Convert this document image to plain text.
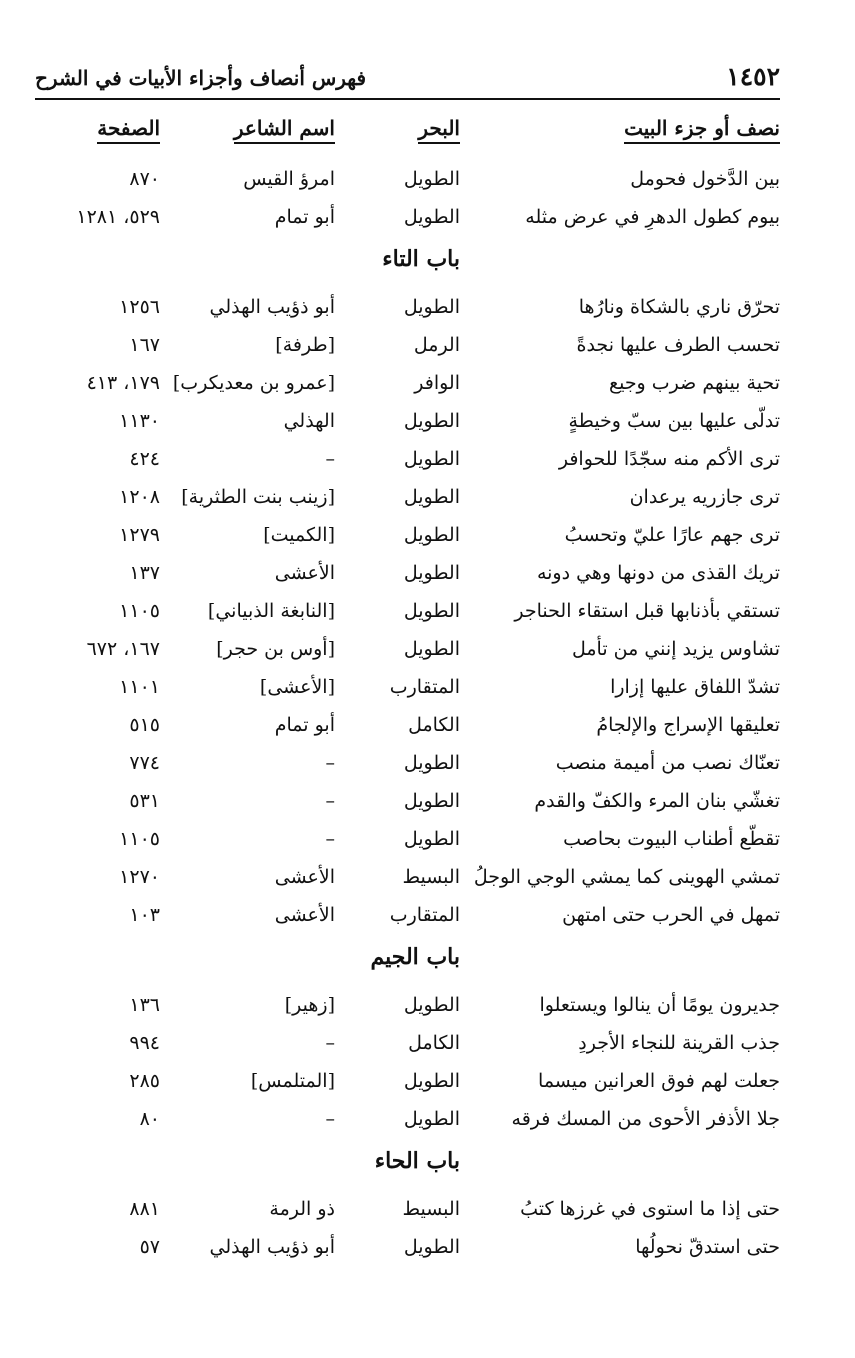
١٤٥٢
فهرس أنصاف وأجزاء الأبيات في الشرح
نصف أو جزء البيت
البحر
اسم الشاعر
الصفحة
بين الدَّخول فحومل
الطويل
امرؤ القيس
٨٧٠
بيوم كطول الدهرِ في عرض مثله
الطويل
أبو تمام
٥٢٩، ١٢٨١
باب التاء
تحرّق ناري بالشكاة ونارُها
الطويل
أبو ذؤيب الهذلي
١٢٥٦
تحسب الطرف عليها نجدةً
الرمل
[طرفة]
١٦٧
تحية بينهم ضرب وجيع
الوافر
[عمرو بن معديكرب]
١٧٩، ٤١٣
تدلّى عليها بين سبّ وخيطةٍ
الطويل
الهذلي
١١٣٠
ترى الأكم منه سجّدًا للحوافر
الطويل
–
٤٢٤
ترى جازريه يرعدان
الطويل
[زينب بنت الطثرية]
١٢٠٨
ترى جهم عارًا عليّ وتحسبُ
الطويل
[الكميت]
١٢٧٩
تريك القذى من دونها وهي دونه
الطويل
الأعشى
١٣٧
تستقي بأذنابها قبل استقاء الحناجر
الطويل
[النابغة الذبياني]
١١٠٥
تشاوس يزيد إنني من تأمل
الطويل
[أوس بن حجر]
١٦٧، ٦٧٢
تشدّ اللفاق عليها إزارا
المتقارب
[الأعشى]
١١٠١
تعليقها الإسراج والإلجامُ
الكامل
أبو تمام
٥١٥
تعنّاك نصب من أميمة منصب
الطويل
–
٧٧٤
تغشّي بنان المرء والكفّ والقدم
الطويل
–
٥٣١
تقطّع أطناب البيوت بحاصب
الطويل
–
١١٠٥
تمشي الهوينى كما يمشي الوجي الوجلُ
البسيط
الأعشى
١٢٧٠
تمهل في الحرب حتى امتهن
المتقارب
الأعشى
١٠٣
باب الجيم
جديرون يومًا أن ينالوا ويستعلوا
الطويل
[زهير]
١٣٦
جذب القرينة للنجاء الأجردِ
الكامل
–
٩٩٤
جعلت لهم فوق العرانين ميسما
الطويل
[المتلمس]
٢٨٥
جلا الأذفر الأحوى من المسك فرقه
الطويل
–
٨٠
باب الحاء
حتى إذا ما استوى في غرزها كتبُ
البسيط
ذو الرمة
٨٨١
حتى استدقّ نحولُها
الطويل
أبو ذؤيب الهذلي
٥٧
